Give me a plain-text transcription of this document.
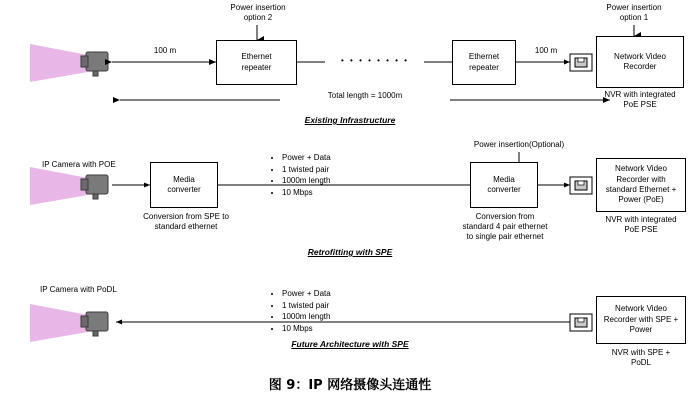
Power insertion
option 2
Power insertion
option 1
100 m
Ethernet
repeater
• • • • • • • •	Ethernet
repeater
100 m
Network Video
Recorder
NVR with integrated
PoE PSE
Total length = 1000m
Existing Infrastructure
IP Camera with POE
Media
converter
Conversion from SPE to
standard ethernet
• Power + Data
• 1 twisted pair
• 1000m length
• 10 Mbps
Power insertion(Optional)
Media
converter
Conversion from
standard 4 pair ethernet
to single pair ethernet
Network Video
Recorder with
standard Ethernet +
Power (PoE)
NVR with integrated
PoE PSE
Retrofitting with SPE
IP Camera with PoDL	• Power + Data
• 1 twisted pair
• 1000m length
• 10 Mbps
Network Video
Recorder with SPE +
Power
NVR with SPE +
PoDL
Future Architecture with SPE
图 9：IP 网络摄像头连通性
